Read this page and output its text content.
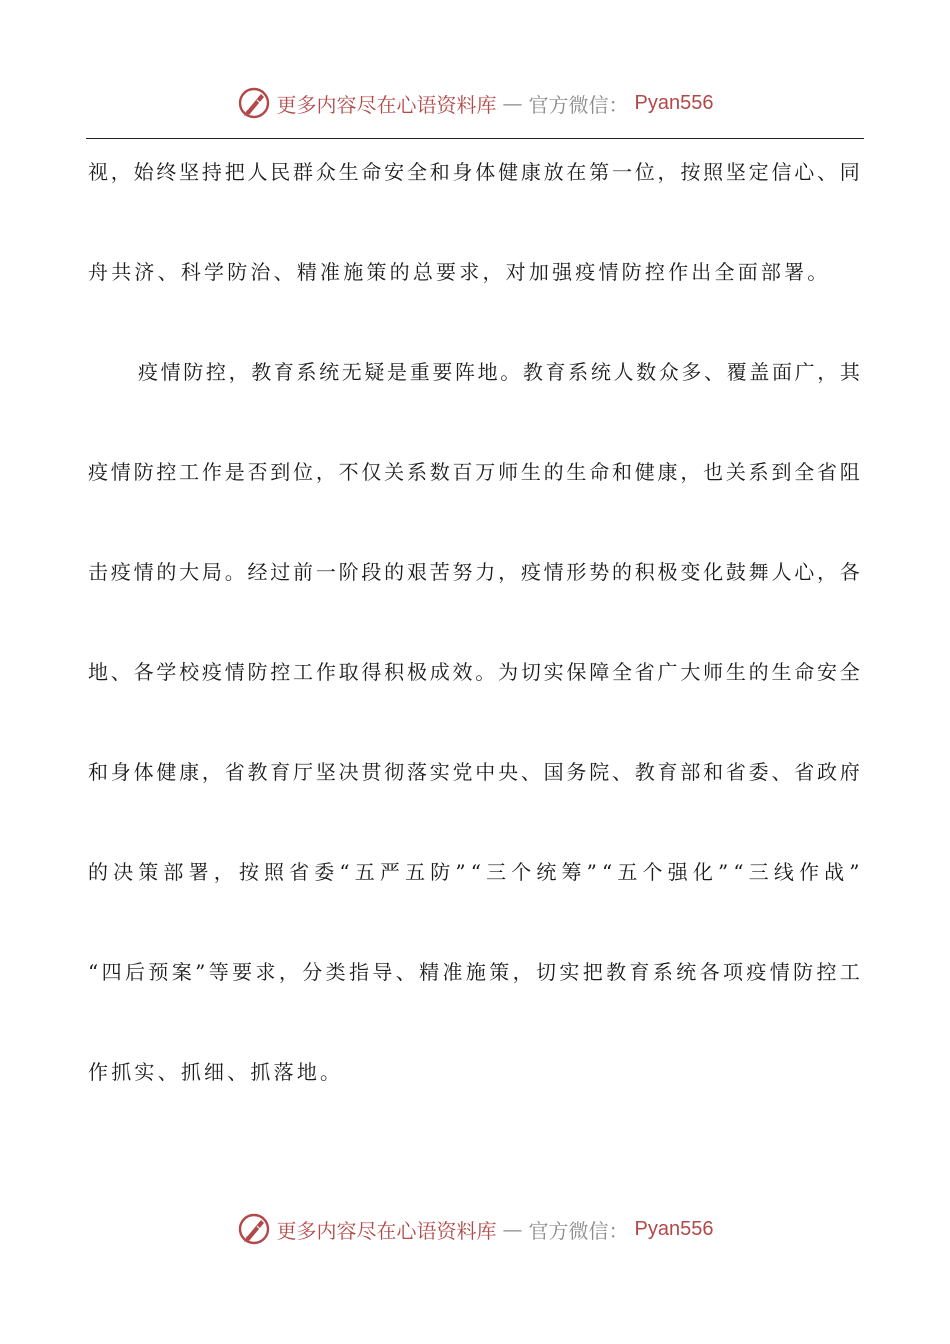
更多内容尽在心语资料库 — 官方微信： Pyan556
视 ， 始 终 坚 持 把 人 民 群 众 生 命 安 全 和 身 体 健 康 放 在 第 一 位 ， 按 照 坚 定 信 心 、 同
舟 共 济 、 科 学 防 治 、 精 准 施 策 的 总 要 求 ， 对 加 强 疫 情 防 控 作 出 全 面 部 署 。
疫 情 防 控 ， 教 育 系 统 无 疑 是 重 要 阵 地 。 教 育 系 统 人 数 众 多 、 覆 盖 面 广 ， 其
疫 情 防 控 工 作 是 否 到 位 ， 不 仅 关 系 数 百 万 师 生 的 生 命 和 健 康 ， 也 关 系 到 全 省 阻
击 疫 情 的 大 局 。 经 过 前 一 阶 段 的 艰 苦 努 力 ， 疫 情 形 势 的 积 极 变 化 鼓 舞 人 心 ， 各
地 、 各 学 校 疫 情 防 控 工 作 取 得 积 极 成 效 。 为 切 实 保 障 全 省 广 大 师 生 的 生 命 安 全
和 身 体 健 康 ， 省 教 育 厅 坚 决 贯 彻 落 实 党 中 央 、 国 务 院 、 教 育 部 和 省 委 、 省 政 府
的 决 策 部 署 ， 按 照 省 委 “ 五 严 五 防 ” “ 三 个 统 筹 ” “ 五 个 强 化 ” “ 三 线 作 战 ”
“ 四 后 预 案 ” 等 要 求 ， 分 类 指 导 、 精 准 施 策 ， 切 实 把 教 育 系 统 各 项 疫 情 防 控 工
作 抓 实 、 抓 细 、 抓 落 地 。
更多内容尽在心语资料库 — 官方微信： Pyan556
